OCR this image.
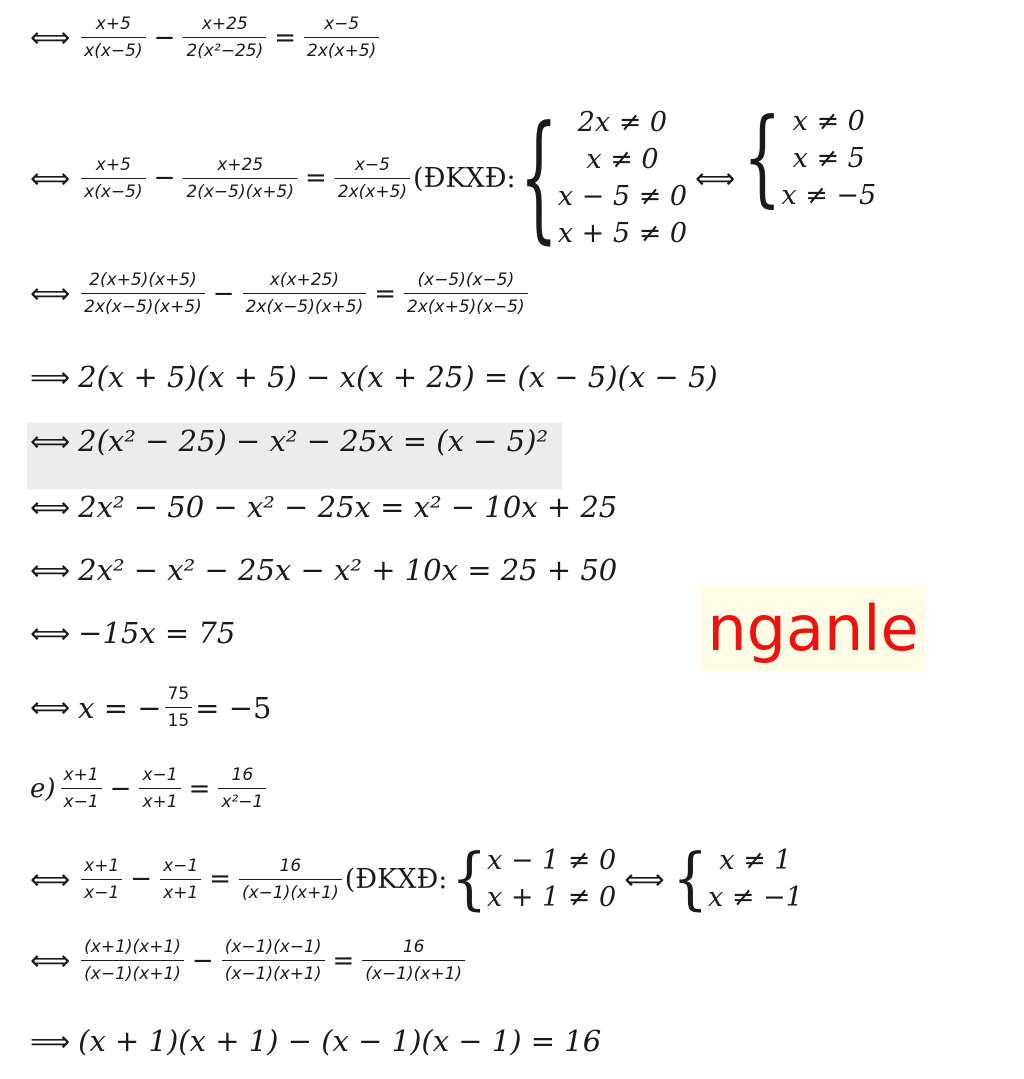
⟺ $\frac{x+5}{x(x-5)} - \frac{x+25}{\text{2(x²−25)}} = \frac{x-5}{2x(x+5)}$
⟺ $\frac{x+5}{x(x-5)} - \frac{x+25}{2(x-5)(x+5)} = \frac{x-5}{2x(x+5)}$ (ĐKXĐ: { 2x ≠ 0
x ≠ 0
x − 5 ≠ 0
x + 5 ≠ 0
⟺ { x ≠ 0
x ≠ 5
x ≠ −5
⟺ $\frac{2(x+5)(x+5)}{2x(x-5)(x+5)} - \frac{x(x+25)}{2x(x-5)(x+5)} = \frac{(x-5)(x-5)}{2x(x+5)(x-5)}$
⟹ 2(x + 5)(x + 5) − x(x + 25) = (x − 5)(x − 5)
⟺ 2(x² − 25) − x² − 25x = (x − 5)²
⟺ 2x² − 50 − x² − 25x = x² − 10x + 25
⟺ 2x² − x² − 25x − x² + 10x = 25 + 50
⟺ −15x = 75
⟺ x = − $\frac{75}{15} = -5$
$e) \frac{x+1}{x-1} - \frac{x-1}{x+1} = \frac{16}{\text{x²−1}}$
⟺ $\frac{x+1}{x-1} - \frac{x-1}{x+1} = \frac{16}{(x-1)(x+1)}$ (ĐKXĐ: { x − 1 ≠ 0
x + 1 ≠ 0
⟺ { x ≠ 1
x ≠ −1
⟺ $\frac{(x+1)(x+1)}{(x-1)(x+1)} - \frac{(x-1)(x-1)}{(x-1)(x+1)} = \frac{16}{(x-1)(x+1)}$
⟹ (x + 1)(x + 1) − (x − 1)(x − 1) = 16
nganle
